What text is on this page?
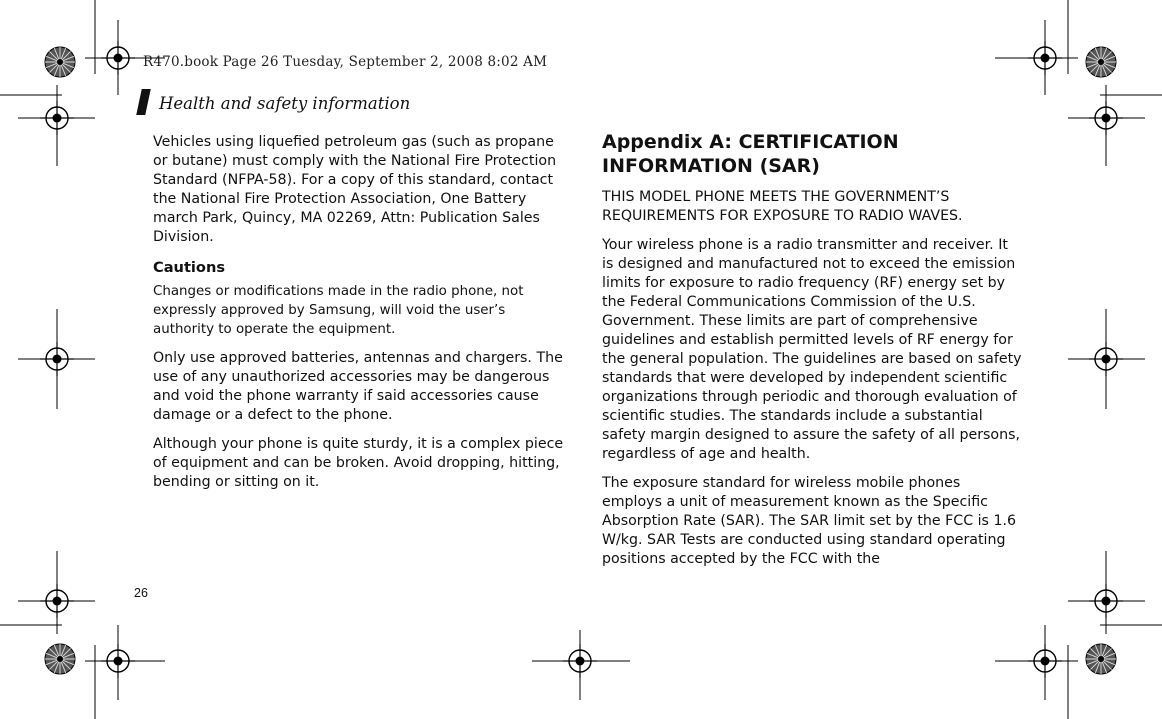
R470.book Page 26 Tuesday, September 2, 2008 8:02 AM
Health and safety information

Vehicles using liquefied petroleum gas (such as propane or butane) must comply with the National Fire Protection Standard (NFPA-58). For a copy of this standard, contact the National Fire Protection Association, One Battery march Park, Quincy, MA 02269, Attn: Publication Sales Division.

Cautions

Changes or modifications made in the radio phone, not expressly approved by Samsung, will void the user’s authority to operate the equipment.

Only use approved batteries, antennas and chargers. The use of any unauthorized accessories may be dangerous and void the phone warranty if said accessories cause damage or a defect to the phone.

Although your phone is quite sturdy, it is a complex piece of equipment and can be broken. Avoid dropping, hitting, bending or sitting on it.

Appendix A: CERTIFICATION INFORMATION (SAR)

THIS MODEL PHONE MEETS THE GOVERNMENT’S REQUIREMENTS FOR EXPOSURE TO RADIO WAVES.

Your wireless phone is a radio transmitter and receiver. It is designed and manufactured not to exceed the emission limits for exposure to radio frequency (RF) energy set by the Federal Communications Commission of the U.S. Government. These limits are part of comprehensive guidelines and establish permitted levels of RF energy for the general population. The guidelines are based on safety standards that were developed by independent scientific organizations through periodic and thorough evaluation of scientific studies. The standards include a substantial safety margin designed to assure the safety of all persons, regardless of age and health.

The exposure standard for wireless mobile phones employs a unit of measurement known as the Specific Absorption Rate (SAR). The SAR limit set by the FCC is 1.6 W/kg. SAR Tests are conducted using standard operating positions accepted by the FCC with the

26
